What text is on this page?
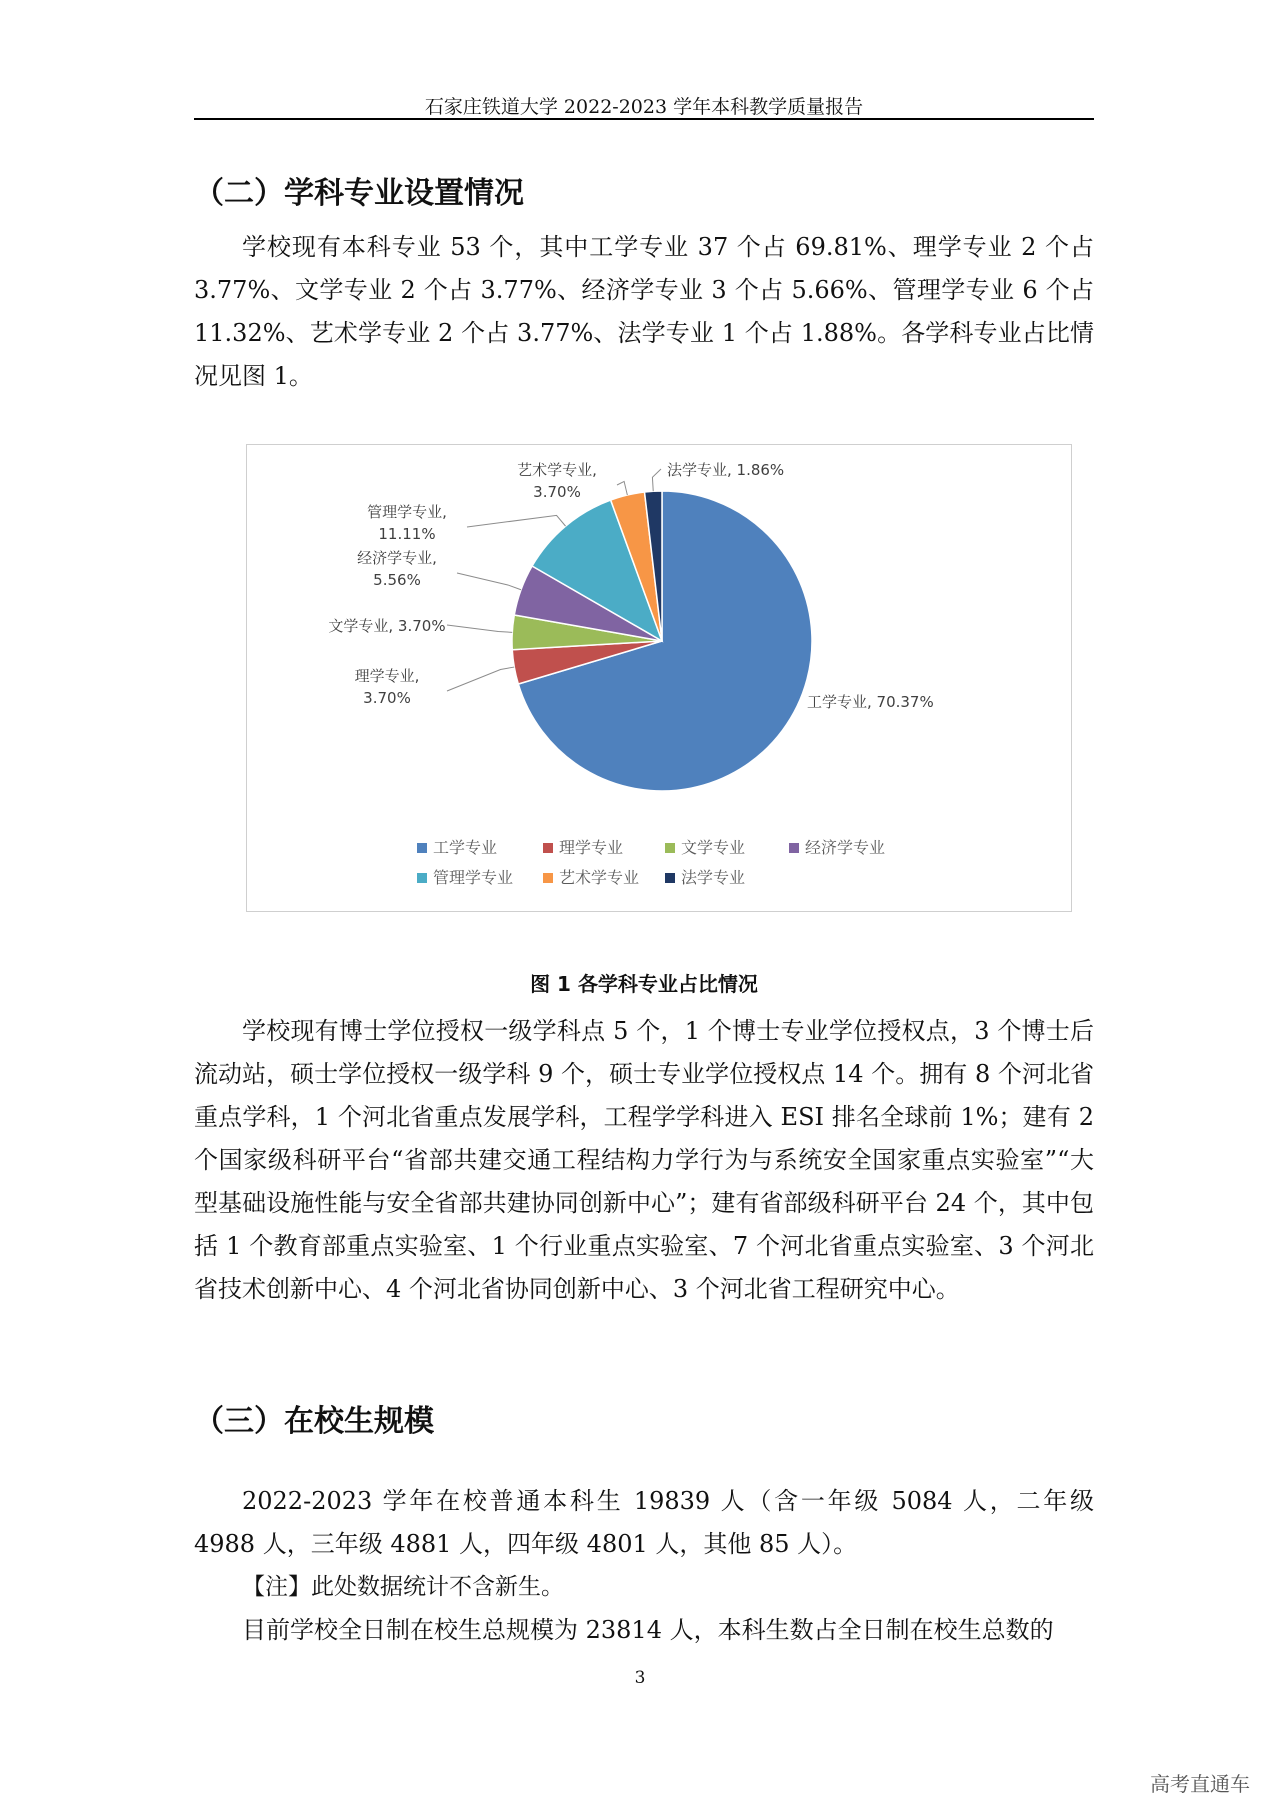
石家庄铁道大学 2022-2023 学年本科教学质量报告
（二）学科专业设置情况
学校现有本科专业 53 个，其中工学专业 37 个占 69.81%、理学专业 2 个占 3.77%、文学专业 2 个占 3.77%、经济学专业 3 个占 5.66%、管理学专业 6 个占 11.32%、艺术学专业 2 个占 3.77%、法学专业 1 个占 1.88%。各学科专业占比情况见图 1。
工学专业, 70.37%
理学专业, 3.70%
文学专业, 3.70%
经济学专业, 5.56%
管理学专业, 11.11%
艺术学专业, 3.70%
法学专业, 1.86%
工学专业	理学专业	文学专业	经济学专业
管理学专业	艺术学专业	法学专业
图 1 各学科专业占比情况
学校现有博士学位授权一级学科点 5 个，1 个博士专业学位授权点，3 个博士后流动站，硕士学位授权一级学科 9 个，硕士专业学位授权点 14 个。拥有 8 个河北省重点学科，1 个河北省重点发展学科，工程学学科进入 ESI 排名全球前 1%；建有 2 个国家级科研平台“省部共建交通工程结构力学行为与系统安全国家重点实验室”“大型基础设施性能与安全省部共建协同创新中心”；建有省部级科研平台 24 个，其中包括 1 个教育部重点实验室、1 个行业重点实验室、7 个河北省重点实验室、3 个河北省技术创新中心、4 个河北省协同创新中心、3 个河北省工程研究中心。
（三）在校生规模
2022-2023 学年在校普通本科生 19839 人（含一年级 5084 人，二年级 4988 人，三年级 4881 人，四年级 4801 人，其他 85 人）。
【注】此处数据统计不含新生。
目前学校全日制在校生总规模为 23814 人，本科生数占全日制在校生总数的
3
高考直通车
